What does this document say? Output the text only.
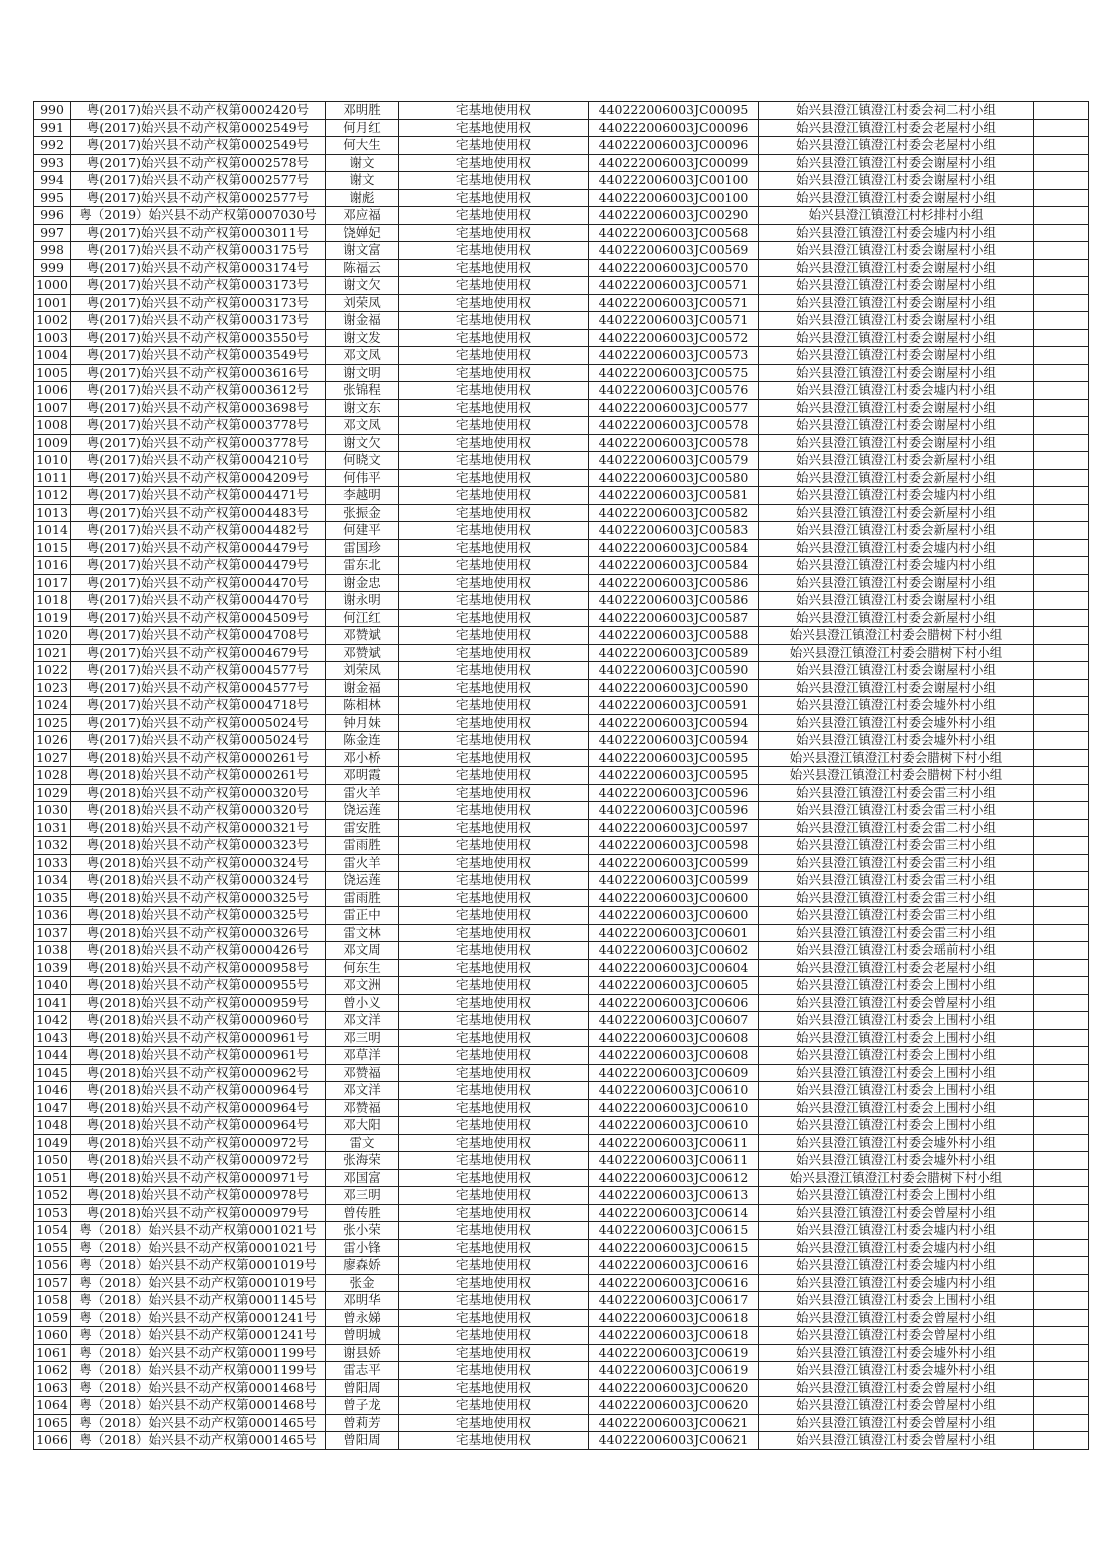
990	粤(2017)始兴县不动产权第0002420号	邓明胜	宅基地使用权	440222006003JC00095	始兴县澄江镇澄江村委会祠二村小组	
991	粤(2017)始兴县不动产权第0002549号	何月红	宅基地使用权	440222006003JC00096	始兴县澄江镇澄江村委会老屋村小组	
992	粤(2017)始兴县不动产权第0002549号	何大生	宅基地使用权	440222006003JC00096	始兴县澄江镇澄江村委会老屋村小组	
993	粤(2017)始兴县不动产权第0002578号	谢文	宅基地使用权	440222006003JC00099	始兴县澄江镇澄江村委会谢屋村小组	
994	粤(2017)始兴县不动产权第0002577号	谢文	宅基地使用权	440222006003JC00100	始兴县澄江镇澄江村委会谢屋村小组	
995	粤(2017)始兴县不动产权第0002577号	谢彪	宅基地使用权	440222006003JC00100	始兴县澄江镇澄江村委会谢屋村小组	
996	粤（2019）始兴县不动产权第0007030号	邓应福	宅基地使用权	440222006003JC00290	始兴县澄江镇澄江村杉排村小组	
997	粤(2017)始兴县不动产权第0003011号	饶婵妃	宅基地使用权	440222006003JC00568	始兴县澄江镇澄江村委会墟内村小组	
998	粤(2017)始兴县不动产权第0003175号	谢文富	宅基地使用权	440222006003JC00569	始兴县澄江镇澄江村委会谢屋村小组	
999	粤(2017)始兴县不动产权第0003174号	陈福云	宅基地使用权	440222006003JC00570	始兴县澄江镇澄江村委会谢屋村小组	
1000	粤(2017)始兴县不动产权第0003173号	谢文欠	宅基地使用权	440222006003JC00571	始兴县澄江镇澄江村委会谢屋村小组	
1001	粤(2017)始兴县不动产权第0003173号	刘荣凤	宅基地使用权	440222006003JC00571	始兴县澄江镇澄江村委会谢屋村小组	
1002	粤(2017)始兴县不动产权第0003173号	谢金福	宅基地使用权	440222006003JC00571	始兴县澄江镇澄江村委会谢屋村小组	
1003	粤(2017)始兴县不动产权第0003550号	谢文发	宅基地使用权	440222006003JC00572	始兴县澄江镇澄江村委会谢屋村小组	
1004	粤(2017)始兴县不动产权第0003549号	邓文凤	宅基地使用权	440222006003JC00573	始兴县澄江镇澄江村委会谢屋村小组	
1005	粤(2017)始兴县不动产权第0003616号	谢文明	宅基地使用权	440222006003JC00575	始兴县澄江镇澄江村委会谢屋村小组	
1006	粤(2017)始兴县不动产权第0003612号	张锦程	宅基地使用权	440222006003JC00576	始兴县澄江镇澄江村委会墟内村小组	
1007	粤(2017)始兴县不动产权第0003698号	谢文东	宅基地使用权	440222006003JC00577	始兴县澄江镇澄江村委会谢屋村小组	
1008	粤(2017)始兴县不动产权第0003778号	邓文凤	宅基地使用权	440222006003JC00578	始兴县澄江镇澄江村委会谢屋村小组	
1009	粤(2017)始兴县不动产权第0003778号	谢文欠	宅基地使用权	440222006003JC00578	始兴县澄江镇澄江村委会谢屋村小组	
1010	粤(2017)始兴县不动产权第0004210号	何晓文	宅基地使用权	440222006003JC00579	始兴县澄江镇澄江村委会新屋村小组	
1011	粤(2017)始兴县不动产权第0004209号	何伟平	宅基地使用权	440222006003JC00580	始兴县澄江镇澄江村委会新屋村小组	
1012	粤(2017)始兴县不动产权第0004471号	李越明	宅基地使用权	440222006003JC00581	始兴县澄江镇澄江村委会墟内村小组	
1013	粤(2017)始兴县不动产权第0004483号	张振金	宅基地使用权	440222006003JC00582	始兴县澄江镇澄江村委会新屋村小组	
1014	粤(2017)始兴县不动产权第0004482号	何建平	宅基地使用权	440222006003JC00583	始兴县澄江镇澄江村委会新屋村小组	
1015	粤(2017)始兴县不动产权第0004479号	雷国珍	宅基地使用权	440222006003JC00584	始兴县澄江镇澄江村委会墟内村小组	
1016	粤(2017)始兴县不动产权第0004479号	雷东北	宅基地使用权	440222006003JC00584	始兴县澄江镇澄江村委会墟内村小组	
1017	粤(2017)始兴县不动产权第0004470号	谢金忠	宅基地使用权	440222006003JC00586	始兴县澄江镇澄江村委会谢屋村小组	
1018	粤(2017)始兴县不动产权第0004470号	谢永明	宅基地使用权	440222006003JC00586	始兴县澄江镇澄江村委会谢屋村小组	
1019	粤(2017)始兴县不动产权第0004509号	何江红	宅基地使用权	440222006003JC00587	始兴县澄江镇澄江村委会新屋村小组	
1020	粤(2017)始兴县不动产权第0004708号	邓赞斌	宅基地使用权	440222006003JC00588	始兴县澄江镇澄江村委会腊树下村小组	
1021	粤(2017)始兴县不动产权第0004679号	邓赞斌	宅基地使用权	440222006003JC00589	始兴县澄江镇澄江村委会腊树下村小组	
1022	粤(2017)始兴县不动产权第0004577号	刘荣凤	宅基地使用权	440222006003JC00590	始兴县澄江镇澄江村委会谢屋村小组	
1023	粤(2017)始兴县不动产权第0004577号	谢金福	宅基地使用权	440222006003JC00590	始兴县澄江镇澄江村委会谢屋村小组	
1024	粤(2017)始兴县不动产权第0004718号	陈相林	宅基地使用权	440222006003JC00591	始兴县澄江镇澄江村委会墟外村小组	
1025	粤(2017)始兴县不动产权第0005024号	钟月妹	宅基地使用权	440222006003JC00594	始兴县澄江镇澄江村委会墟外村小组	
1026	粤(2017)始兴县不动产权第0005024号	陈金连	宅基地使用权	440222006003JC00594	始兴县澄江镇澄江村委会墟外村小组	
1027	粤(2018)始兴县不动产权第0000261号	邓小桥	宅基地使用权	440222006003JC00595	始兴县澄江镇澄江村委会腊树下村小组	
1028	粤(2018)始兴县不动产权第0000261号	邓明霞	宅基地使用权	440222006003JC00595	始兴县澄江镇澄江村委会腊树下村小组	
1029	粤(2018)始兴县不动产权第0000320号	雷火羊	宅基地使用权	440222006003JC00596	始兴县澄江镇澄江村委会雷三村小组	
1030	粤(2018)始兴县不动产权第0000320号	饶运莲	宅基地使用权	440222006003JC00596	始兴县澄江镇澄江村委会雷三村小组	
1031	粤(2018)始兴县不动产权第0000321号	雷安胜	宅基地使用权	440222006003JC00597	始兴县澄江镇澄江村委会雷二村小组	
1032	粤(2018)始兴县不动产权第0000323号	雷雨胜	宅基地使用权	440222006003JC00598	始兴县澄江镇澄江村委会雷三村小组	
1033	粤(2018)始兴县不动产权第0000324号	雷火羊	宅基地使用权	440222006003JC00599	始兴县澄江镇澄江村委会雷三村小组	
1034	粤(2018)始兴县不动产权第0000324号	饶运莲	宅基地使用权	440222006003JC00599	始兴县澄江镇澄江村委会雷三村小组	
1035	粤(2018)始兴县不动产权第0000325号	雷雨胜	宅基地使用权	440222006003JC00600	始兴县澄江镇澄江村委会雷三村小组	
1036	粤(2018)始兴县不动产权第0000325号	雷正中	宅基地使用权	440222006003JC00600	始兴县澄江镇澄江村委会雷三村小组	
1037	粤(2018)始兴县不动产权第0000326号	雷文林	宅基地使用权	440222006003JC00601	始兴县澄江镇澄江村委会雷三村小组	
1038	粤(2018)始兴县不动产权第0000426号	邓文周	宅基地使用权	440222006003JC00602	始兴县澄江镇澄江村委会瑶前村小组	
1039	粤(2018)始兴县不动产权第0000958号	何东生	宅基地使用权	440222006003JC00604	始兴县澄江镇澄江村委会老屋村小组	
1040	粤(2018)始兴县不动产权第0000955号	邓文洲	宅基地使用权	440222006003JC00605	始兴县澄江镇澄江村委会上围村小组	
1041	粤(2018)始兴县不动产权第0000959号	曾小义	宅基地使用权	440222006003JC00606	始兴县澄江镇澄江村委会曾屋村小组	
1042	粤(2018)始兴县不动产权第0000960号	邓文洋	宅基地使用权	440222006003JC00607	始兴县澄江镇澄江村委会上围村小组	
1043	粤(2018)始兴县不动产权第0000961号	邓三明	宅基地使用权	440222006003JC00608	始兴县澄江镇澄江村委会上围村小组	
1044	粤(2018)始兴县不动产权第0000961号	邓草洋	宅基地使用权	440222006003JC00608	始兴县澄江镇澄江村委会上围村小组	
1045	粤(2018)始兴县不动产权第0000962号	邓赞福	宅基地使用权	440222006003JC00609	始兴县澄江镇澄江村委会上围村小组	
1046	粤(2018)始兴县不动产权第0000964号	邓文洋	宅基地使用权	440222006003JC00610	始兴县澄江镇澄江村委会上围村小组	
1047	粤(2018)始兴县不动产权第0000964号	邓赞福	宅基地使用权	440222006003JC00610	始兴县澄江镇澄江村委会上围村小组	
1048	粤(2018)始兴县不动产权第0000964号	邓大阳	宅基地使用权	440222006003JC00610	始兴县澄江镇澄江村委会上围村小组	
1049	粤(2018)始兴县不动产权第0000972号	雷文	宅基地使用权	440222006003JC00611	始兴县澄江镇澄江村委会墟外村小组	
1050	粤(2018)始兴县不动产权第0000972号	张海荣	宅基地使用权	440222006003JC00611	始兴县澄江镇澄江村委会墟外村小组	
1051	粤(2018)始兴县不动产权第0000971号	邓国富	宅基地使用权	440222006003JC00612	始兴县澄江镇澄江村委会腊树下村小组	
1052	粤(2018)始兴县不动产权第0000978号	邓三明	宅基地使用权	440222006003JC00613	始兴县澄江镇澄江村委会上围村小组	
1053	粤(2018)始兴县不动产权第0000979号	曾传胜	宅基地使用权	440222006003JC00614	始兴县澄江镇澄江村委会曾屋村小组	
1054	粤（2018）始兴县不动产权第0001021号	张小荣	宅基地使用权	440222006003JC00615	始兴县澄江镇澄江村委会墟内村小组	
1055	粤（2018）始兴县不动产权第0001021号	雷小锋	宅基地使用权	440222006003JC00615	始兴县澄江镇澄江村委会墟内村小组	
1056	粤（2018）始兴县不动产权第0001019号	廖森娇	宅基地使用权	440222006003JC00616	始兴县澄江镇澄江村委会墟内村小组	
1057	粤（2018）始兴县不动产权第0001019号	张金	宅基地使用权	440222006003JC00616	始兴县澄江镇澄江村委会墟内村小组	
1058	粤（2018）始兴县不动产权第0001145号	邓明华	宅基地使用权	440222006003JC00617	始兴县澄江镇澄江村委会上围村小组	
1059	粤（2018）始兴县不动产权第0001241号	曾永娣	宅基地使用权	440222006003JC00618	始兴县澄江镇澄江村委会曾屋村小组	
1060	粤（2018）始兴县不动产权第0001241号	曾明城	宅基地使用权	440222006003JC00618	始兴县澄江镇澄江村委会曾屋村小组	
1061	粤（2018）始兴县不动产权第0001199号	谢县娇	宅基地使用权	440222006003JC00619	始兴县澄江镇澄江村委会墟外村小组	
1062	粤（2018）始兴县不动产权第0001199号	雷志平	宅基地使用权	440222006003JC00619	始兴县澄江镇澄江村委会墟外村小组	
1063	粤（2018）始兴县不动产权第0001468号	曾阳周	宅基地使用权	440222006003JC00620	始兴县澄江镇澄江村委会曾屋村小组	
1064	粤（2018）始兴县不动产权第0001468号	曾子龙	宅基地使用权	440222006003JC00620	始兴县澄江镇澄江村委会曾屋村小组	
1065	粤（2018）始兴县不动产权第0001465号	曾莉芳	宅基地使用权	440222006003JC00621	始兴县澄江镇澄江村委会曾屋村小组	
1066	粤（2018）始兴县不动产权第0001465号	曾阳周	宅基地使用权	440222006003JC00621	始兴县澄江镇澄江村委会曾屋村小组	
